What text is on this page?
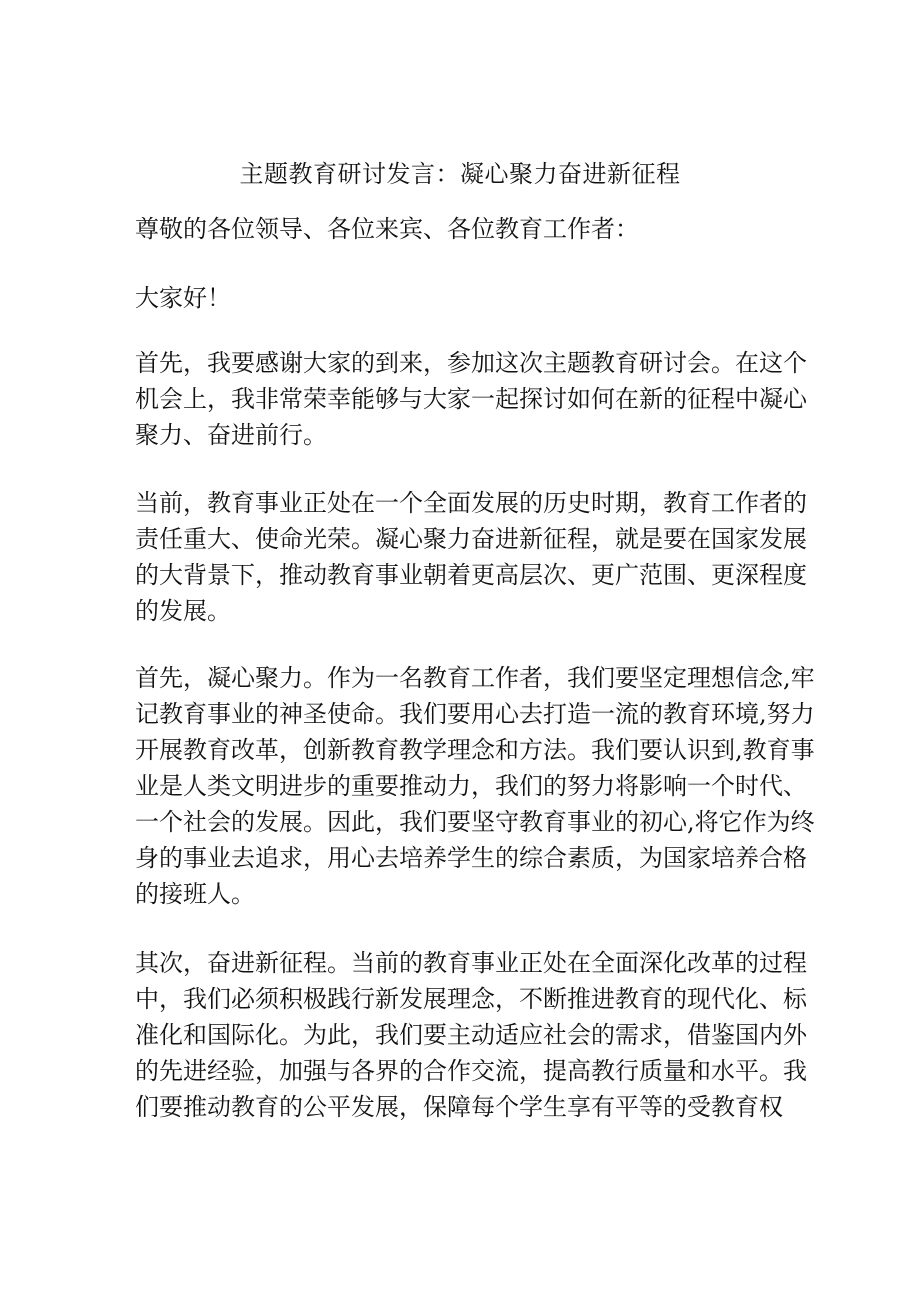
主题教育研讨发言：凝心聚力奋进新征程

尊敬的各位领导、各位来宾、各位教育工作者：

大家好！

首先，我要感谢大家的到来，参加这次主题教育研讨会。在这个
机会上，我非常荣幸能够与大家一起探讨如何在新的征程中凝心
聚力、奋进前行。

当前，教育事业正处在一个全面发展的历史时期，教育工作者的
责任重大、使命光荣。凝心聚力奋进新征程，就是要在国家发展
的大背景下，推动教育事业朝着更高层次、更广范围、更深程度
的发展。

首先，凝心聚力。作为一名教育工作者，我们要坚定理想信念,牢
记教育事业的神圣使命。我们要用心去打造一流的教育环境,努力
开展教育改革，创新教育教学理念和方法。我们要认识到,教育事
业是人类文明进步的重要推动力，我们的努力将影响一个时代、
一个社会的发展。因此，我们要坚守教育事业的初心,将它作为终
身的事业去追求，用心去培养学生的综合素质，为国家培养合格
的接班人。

其次，奋进新征程。当前的教育事业正处在全面深化改革的过程
中，我们必须积极践行新发展理念，不断推进教育的现代化、标
准化和国际化。为此，我们要主动适应社会的需求，借鉴国内外
的先进经验，加强与各界的合作交流，提高教行质量和水平。我
们要推动教育的公平发展，保障每个学生享有平等的受教育权
